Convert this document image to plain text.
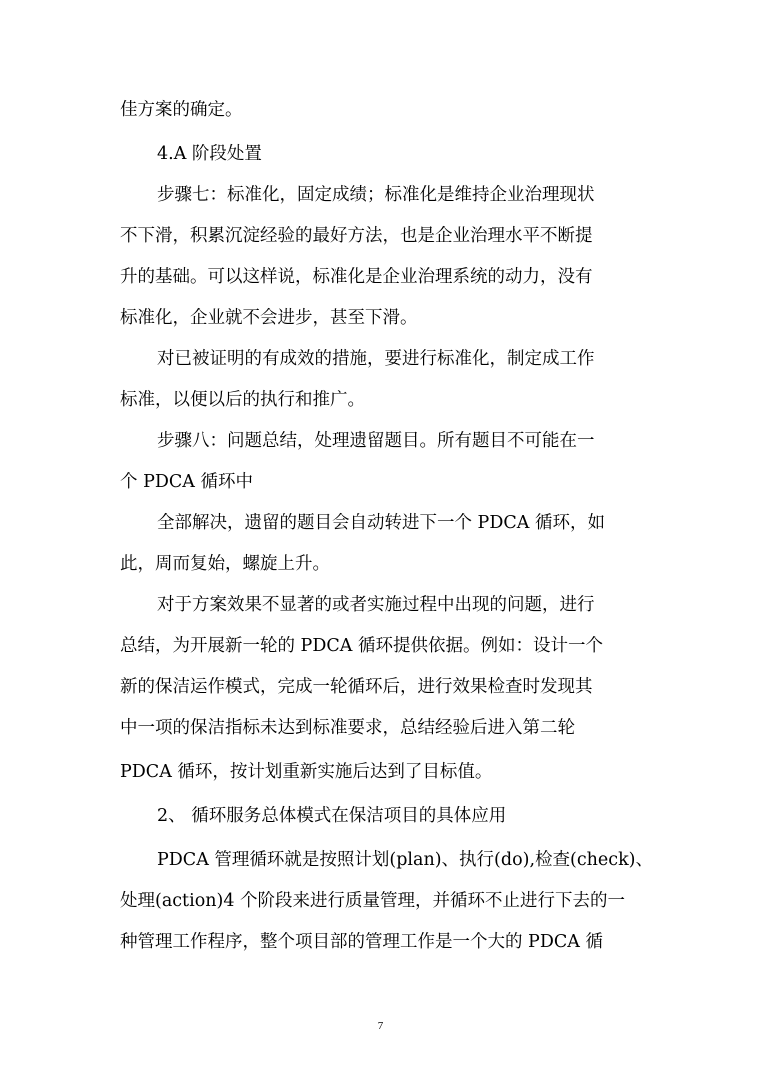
佳方案的确定。
4.A 阶段处置
步骤七：标准化，固定成绩；标准化是维持企业治理现状
不下滑，积累沉淀经验的最好方法，也是企业治理水平不断提
升的基础。可以这样说，标准化是企业治理系统的动力，没有
标准化，企业就不会进步，甚至下滑。
对已被证明的有成效的措施，要进行标准化，制定成工作
标准，以便以后的执行和推广。
步骤八：问题总结，处理遗留题目。所有题目不可能在一
个 PDCA 循环中
全部解决，遗留的题目会自动转进下一个 PDCA 循环，如
此，周而复始，螺旋上升。
对于方案效果不显著的或者实施过程中出现的问题，进行
总结，为开展新一轮的 PDCA 循环提供依据。例如：设计一个
新的保洁运作模式，完成一轮循环后，进行效果检查时发现其
中一项的保洁指标未达到标准要求，总结经验后进入第二轮
PDCA 循环，按计划重新实施后达到了目标值。
2、 循环服务总体模式在保洁项目的具体应用
PDCA 管理循环就是按照计划(plan)、执行(do),检查(check)、
处理(action)4 个阶段来进行质量管理，并循环不止进行下去的一
种管理工作程序，整个项目部的管理工作是一个大的 PDCA 循
7
